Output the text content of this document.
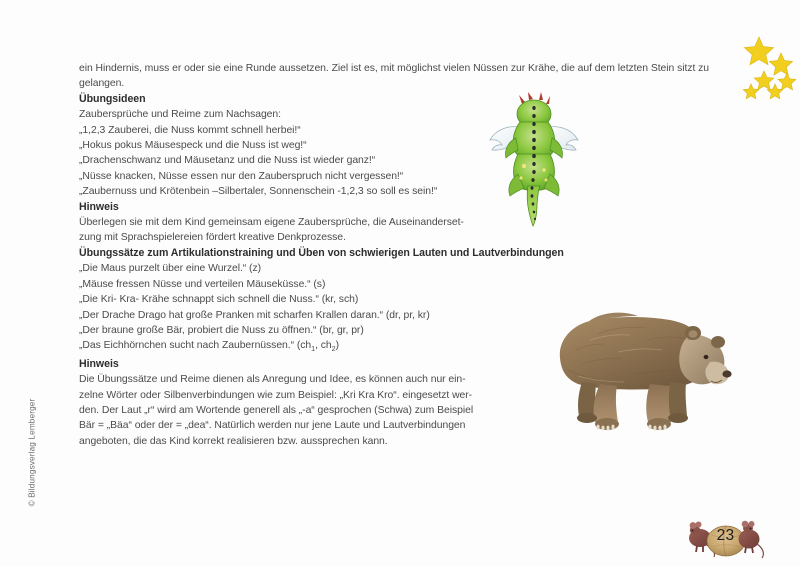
ein Hindernis, muss er oder sie eine Runde aussetzen. Ziel ist es, mit möglichst vielen Nüssen zur Krähe, die auf dem letzten Stein sitzt zu
gelangen.

Übungsideen

Zaubersprüche und Reime zum Nachsagen:
„1,2,3 Zauberei, die Nuss kommt schnell herbei!“
„Hokus pokus Mäusespeck und die Nuss ist weg!“
„Drachenschwanz und Mäusetanz und die Nuss ist wieder ganz!“
„Nüsse knacken, Nüsse essen nur den Zauberspruch nicht vergessen!“
„Zaubernuss und Krötenbein –Silbertaler, Sonnenschein -1,2,3 so soll es sein!“

Hinweis

Überlegen sie mit dem Kind gemeinsam eigene Zaubersprüche, die Auseinanderset-
zung mit Sprachspielereien fördert kreative Denkprozesse.

Übungssätze zum Artikulationstraining und Üben von schwierigen Lauten und Lautverbindungen

„Die Maus purzelt über eine Wurzel.“ (z)
„Mäuse fressen Nüsse und verteilen Mäuseküsse.“ (s)
„Die Kri- Kra- Krähe schnappt sich schnell die Nuss.“ (kr, sch)
„Der Drache Drago hat große Pranken mit scharfen Krallen daran.“ (dr, pr, kr)
„Der braune große Bär, probiert die Nuss zu öffnen.“ (br, gr, pr)
„Das Eichhörnchen sucht nach Zaubernüssen.“ ($ch_1$, $ch_2$)

Hinweis

Die Übungssätze und Reime dienen als Anregung und Idee, es können auch nur ein-
zelne Wörter oder Silbenverbindungen wie zum Beispiel: „Kri Kra Kro“. eingesetzt wer-
den. Der Laut „r“ wird am Wortende generell als „-a“ gesprochen (Schwa) zum Beispiel
Bär = „Bäa“ oder der = „dea“. Natürlich werden nur jene Laute und Lautverbindungen
angeboten, die das Kind korrekt realisieren bzw. aussprechen kann.

© Bildungsverlag Lemberger
23
